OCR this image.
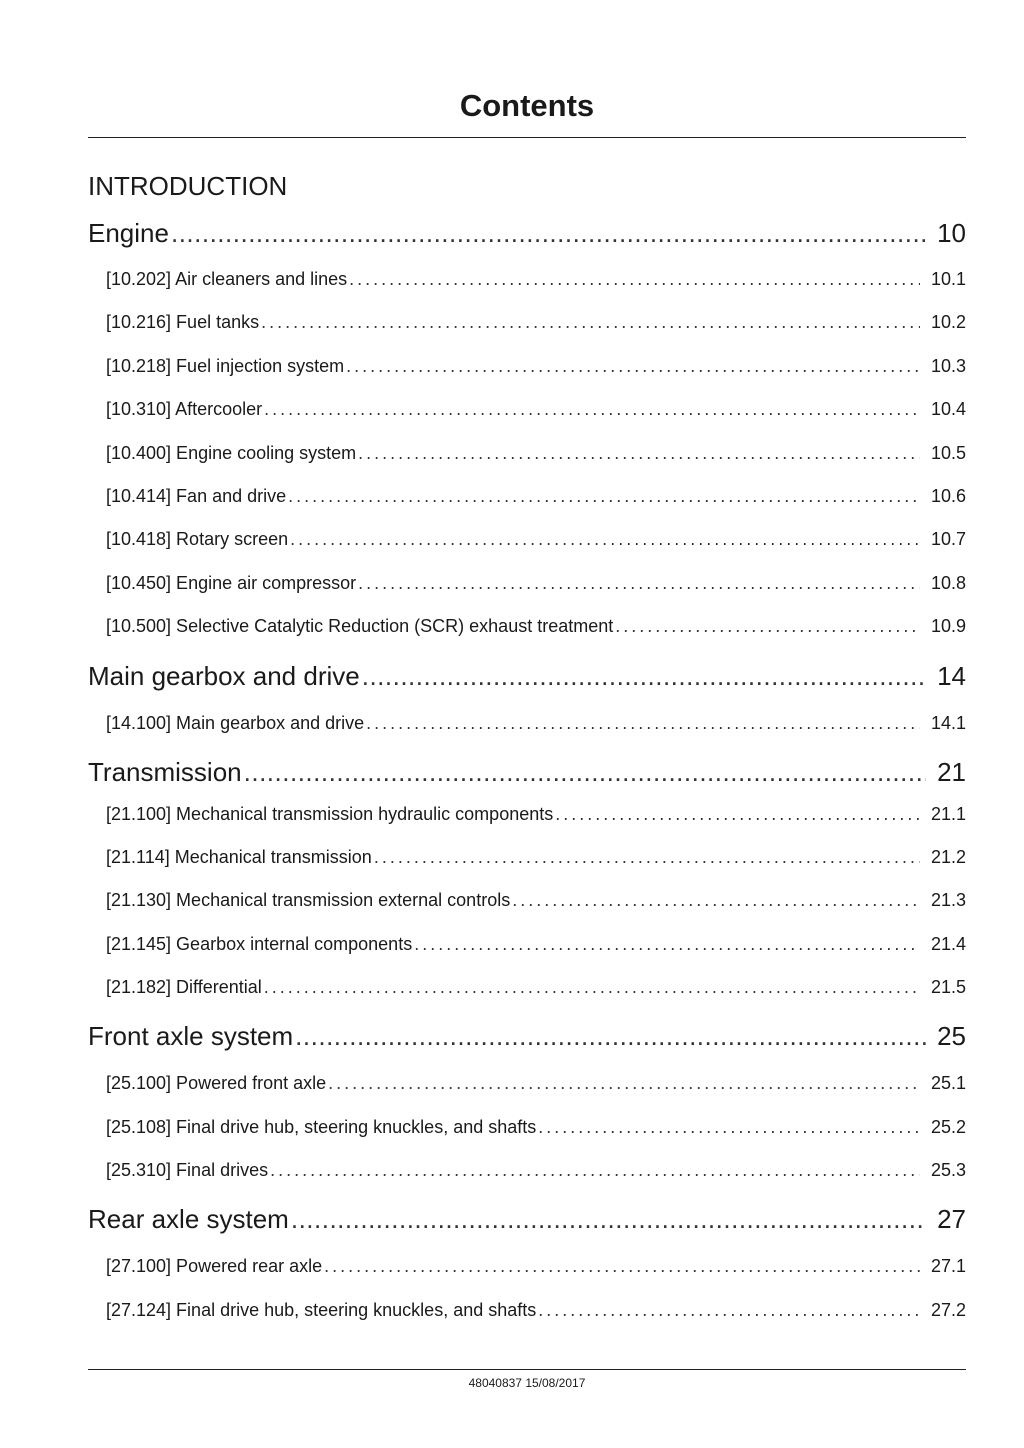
Contents
INTRODUCTION
Engine .....	10
[10.202] Air cleaners and lines . . .	10.1
[10.216] Fuel tanks . . .	10.2
[10.218] Fuel injection system . . .	10.3
[10.310] Aftercooler . . .	10.4
[10.400] Engine cooling system . . .	10.5
[10.414] Fan and drive . . .	10.6
[10.418] Rotary screen . . .	10.7
[10.450] Engine air compressor . . .	10.8
[10.500] Selective Catalytic Reduction (SCR) exhaust treatment . . .	10.9
Main gearbox and drive .....	14
[14.100] Main gearbox and drive . . .	14.1
Transmission .....	21
[21.100] Mechanical transmission hydraulic components . . .	21.1
[21.114] Mechanical transmission . . .	21.2
[21.130] Mechanical transmission external controls . . .	21.3
[21.145] Gearbox internal components . . .	21.4
[21.182] Differential . . .	21.5
Front axle system .....	25
[25.100] Powered front axle . . .	25.1
[25.108] Final drive hub, steering knuckles, and shafts . . .	25.2
[25.310] Final drives . . .	25.3
Rear axle system .....	27
[27.100] Powered rear axle . . .	27.1
[27.124] Final drive hub, steering knuckles, and shafts . . .	27.2
48040837 15/08/2017
